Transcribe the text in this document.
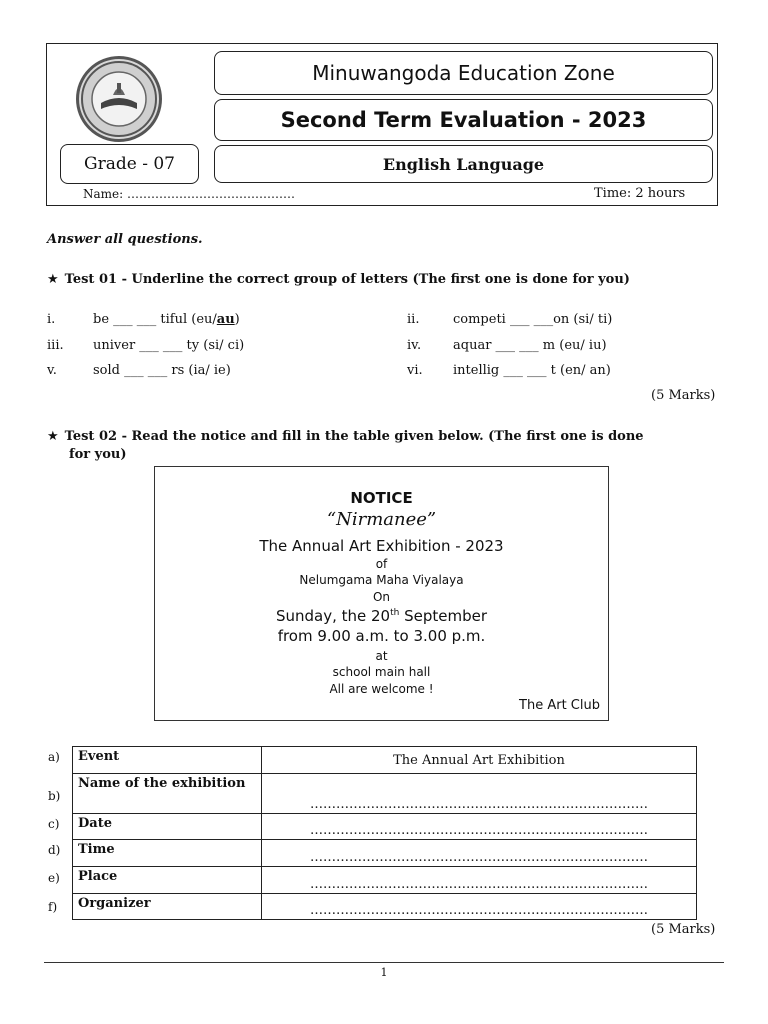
Minuwangoda Education Zone
Second Term Evaluation - 2023
Grade - 07	English Language
Name: ……………………………………	Time: 2 hours
Answer all questions.
★ Test 01 - Underline the correct group of letters (The first one is done for you)
i.	be ___ ___ tiful (eu/au)	ii.	competi ___ ___on (si/ ti)
iii. univer ___ ___ ty (si/ ci)	iv. aquar ___ ___ m (eu/ iu)
v.	sold ___ ___ rs (ia/ ie)	vi. intellig ___ ___ t (en/ an)
(5 Marks)
★ Test 02 - Read the notice and fill in the table given below. (The first one is done
for you)
NOTICE
“Nirmanee”
The Annual Art Exhibition - 2023
of
Nelumgama Maha Viyalaya
On
Sunday, the 20th September
from 9.00 a.m. to 3.00 p.m.
at
school main hall
All are welcome !
The Art Club
a)
b)
c)
d)
e)
f)
Event	The Annual Art Exhibition
Name of the exhibition	……………………………………………………………………
Date	……………………………………………………………………
Time	……………………………………………………………………
Place	……………………………………………………………………
Organizer	……………………………………………………………………
(5 Marks)
1
